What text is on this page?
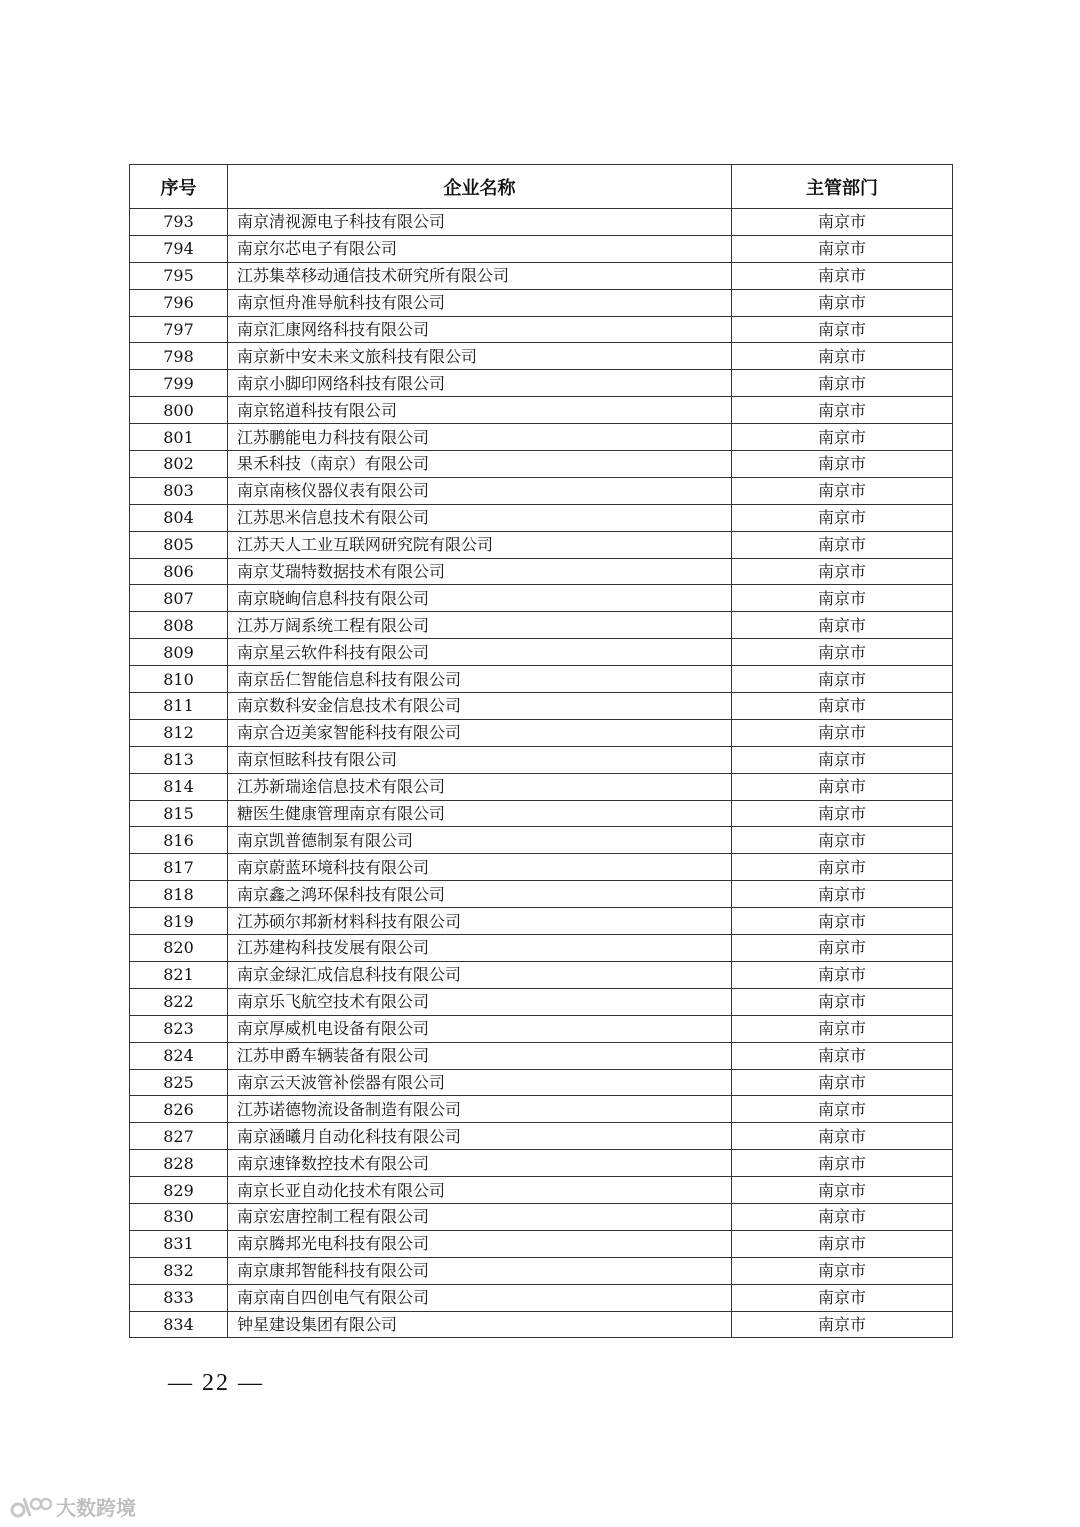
序号	企业名称	主管部门
793	南京清视源电子科技有限公司	南京市
794	南京尔芯电子有限公司	南京市
795	江苏集萃移动通信技术研究所有限公司	南京市
796	南京恒舟准导航科技有限公司	南京市
797	南京汇康网络科技有限公司	南京市
798	南京新中安未来文旅科技有限公司	南京市
799	南京小脚印网络科技有限公司	南京市
800	南京铭道科技有限公司	南京市
801	江苏鹏能电力科技有限公司	南京市
802	果禾科技（南京）有限公司	南京市
803	南京南核仪器仪表有限公司	南京市
804	江苏思米信息技术有限公司	南京市
805	江苏天人工业互联网研究院有限公司	南京市
806	南京艾瑞特数据技术有限公司	南京市
807	南京晓峋信息科技有限公司	南京市
808	江苏万阔系统工程有限公司	南京市
809	南京星云软件科技有限公司	南京市
810	南京岳仁智能信息科技有限公司	南京市
811	南京数科安金信息技术有限公司	南京市
812	南京合迈美家智能科技有限公司	南京市
813	南京恒眩科技有限公司	南京市
814	江苏新瑞途信息技术有限公司	南京市
815	糖医生健康管理南京有限公司	南京市
816	南京凯普德制泵有限公司	南京市
817	南京蔚蓝环境科技有限公司	南京市
818	南京鑫之鸿环保科技有限公司	南京市
819	江苏硕尔邦新材料科技有限公司	南京市
820	江苏建构科技发展有限公司	南京市
821	南京金绿汇成信息科技有限公司	南京市
822	南京乐飞航空技术有限公司	南京市
823	南京厚威机电设备有限公司	南京市
824	江苏申爵车辆装备有限公司	南京市
825	南京云天波管补偿器有限公司	南京市
826	江苏诺德物流设备制造有限公司	南京市
827	南京涵曦月自动化科技有限公司	南京市
828	南京速锋数控技术有限公司	南京市
829	南京长亚自动化技术有限公司	南京市
830	南京宏唐控制工程有限公司	南京市
831	南京腾邦光电科技有限公司	南京市
832	南京康邦智能科技有限公司	南京市
833	南京南自四创电气有限公司	南京市
834	钟星建设集团有限公司	南京市
— 22 —
大数跨境
